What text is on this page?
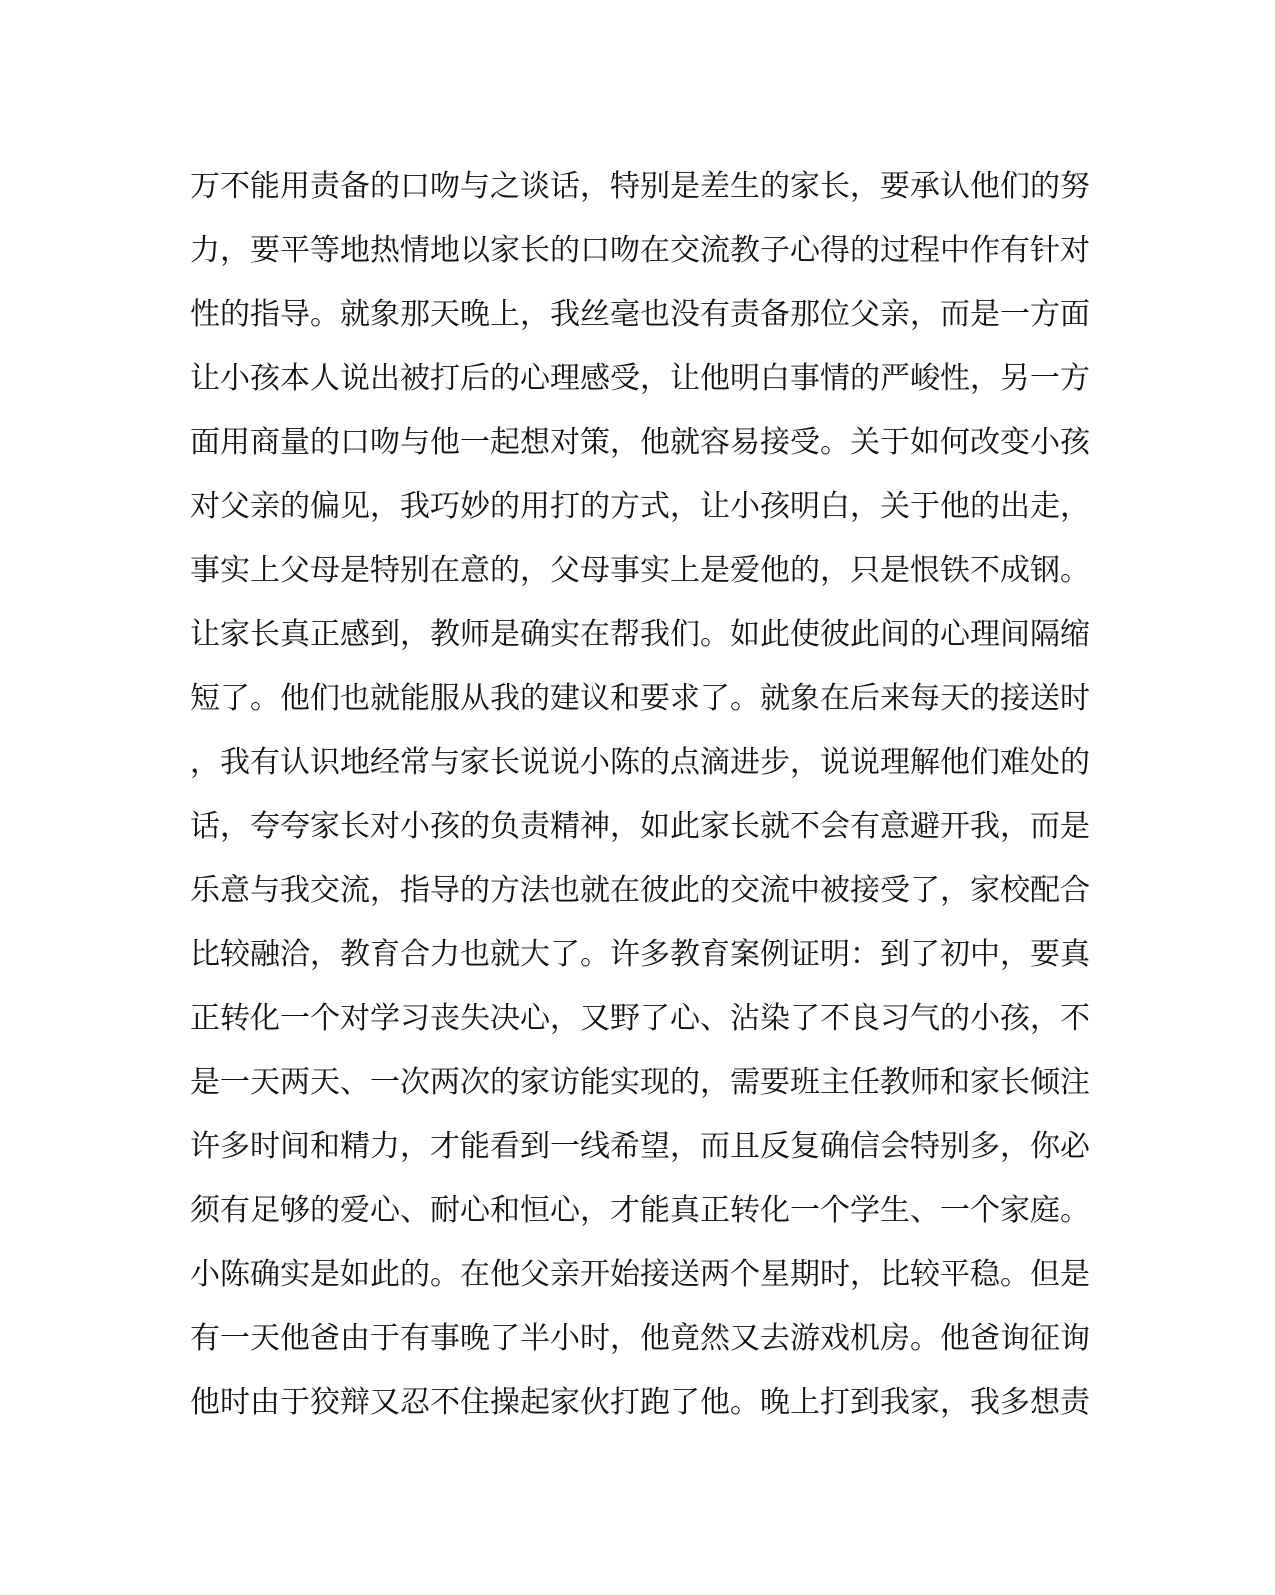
万不能用责备的口吻与之谈话，特别是差生的家长，要承认他们的努
力，要平等地热情地以家长的口吻在交流教子心得的过程中作有针对
性的指导。就象那天晚上，我丝毫也没有责备那位父亲，而是一方面
让小孩本人说出被打后的心理感受，让他明白事情的严峻性，另一方
面用商量的口吻与他一起想对策，他就容易接受。关于如何改变小孩
对父亲的偏见，我巧妙的用打的方式，让小孩明白，关于他的出走，
事实上父母是特别在意的，父母事实上是爱他的，只是恨铁不成钢。
让家长真正感到，教师是确实在帮我们。如此使彼此间的心理间隔缩
短了。他们也就能服从我的建议和要求了。就象在后来每天的接送时
，我有认识地经常与家长说说小陈的点滴进步，说说理解他们难处的
话，夸夸家长对小孩的负责精神，如此家长就不会有意避开我，而是
乐意与我交流，指导的方法也就在彼此的交流中被接受了，家校配合
比较融洽，教育合力也就大了。许多教育案例证明：到了初中，要真
正转化一个对学习丧失决心，又野了心、沾染了不良习气的小孩，不
是一天两天、一次两次的家访能实现的，需要班主任教师和家长倾注
许多时间和精力，才能看到一线希望，而且反复确信会特别多，你必
须有足够的爱心、耐心和恒心，才能真正转化一个学生、一个家庭。
小陈确实是如此的。在他父亲开始接送两个星期时，比较平稳。但是
有一天他爸由于有事晚了半小时，他竟然又去游戏机房。他爸询征询
他时由于狡辩又忍不住操起家伙打跑了他。晚上打到我家，我多想责
